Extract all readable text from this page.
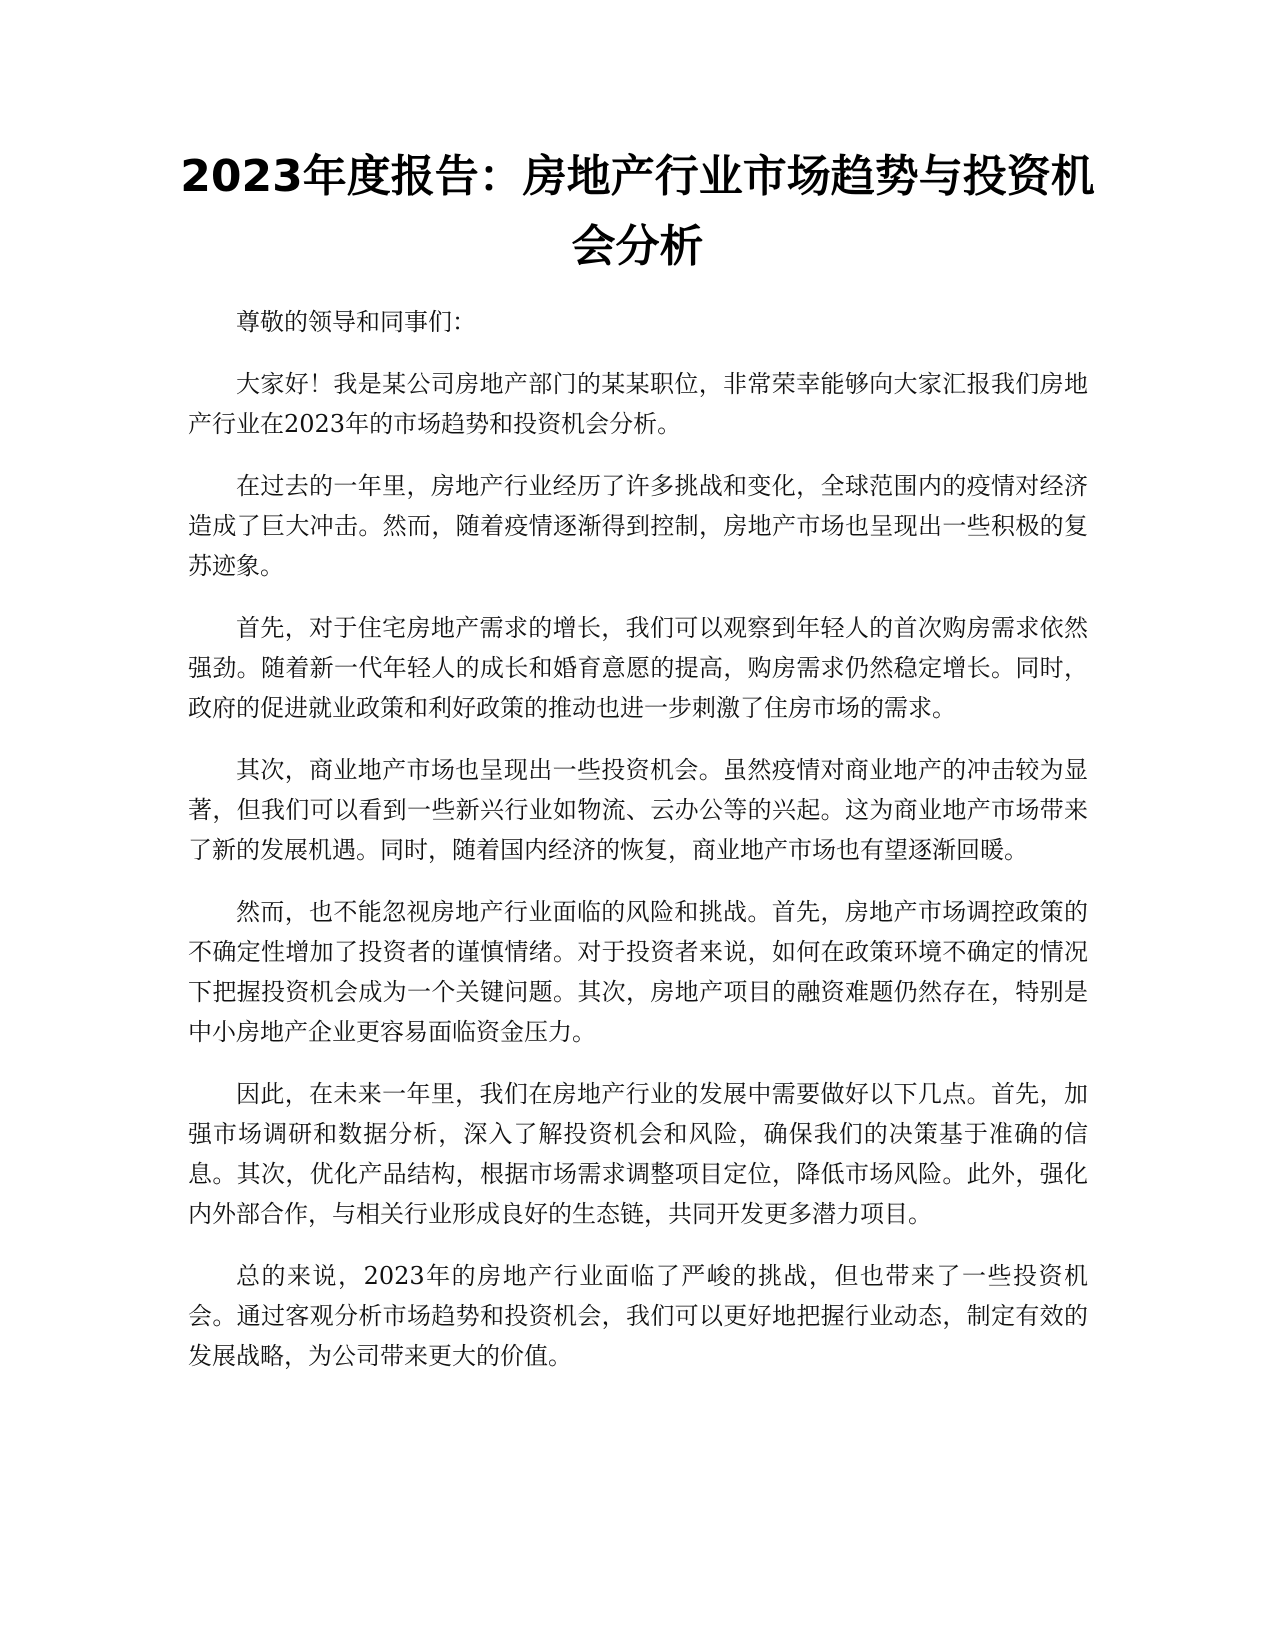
2023年度报告：房地产行业市场趋势与投资机会分析

尊敬的领导和同事们：

大家好！我是某公司房地产部门的某某职位，非常荣幸能够向大家汇报我们房地产行业在2023年的市场趋势和投资机会分析。

在过去的一年里，房地产行业经历了许多挑战和变化，全球范围内的疫情对经济造成了巨大冲击。然而，随着疫情逐渐得到控制，房地产市场也呈现出一些积极的复苏迹象。

首先，对于住宅房地产需求的增长，我们可以观察到年轻人的首次购房需求依然强劲。随着新一代年轻人的成长和婚育意愿的提高，购房需求仍然稳定增长。同时，政府的促进就业政策和利好政策的推动也进一步刺激了住房市场的需求。

其次，商业地产市场也呈现出一些投资机会。虽然疫情对商业地产的冲击较为显著，但我们可以看到一些新兴行业如物流、云办公等的兴起。这为商业地产市场带来了新的发展机遇。同时，随着国内经济的恢复，商业地产市场也有望逐渐回暖。

然而，也不能忽视房地产行业面临的风险和挑战。首先，房地产市场调控政策的不确定性增加了投资者的谨慎情绪。对于投资者来说，如何在政策环境不确定的情况下把握投资机会成为一个关键问题。其次，房地产项目的融资难题仍然存在，特别是中小房地产企业更容易面临资金压力。

因此，在未来一年里，我们在房地产行业的发展中需要做好以下几点。首先，加强市场调研和数据分析，深入了解投资机会和风险，确保我们的决策基于准确的信息。其次，优化产品结构，根据市场需求调整项目定位，降低市场风险。此外，强化内外部合作，与相关行业形成良好的生态链，共同开发更多潜力项目。

总的来说，2023年的房地产行业面临了严峻的挑战，但也带来了一些投资机会。通过客观分析市场趋势和投资机会，我们可以更好地把握行业动态，制定有效的发展战略，为公司带来更大的价值。
